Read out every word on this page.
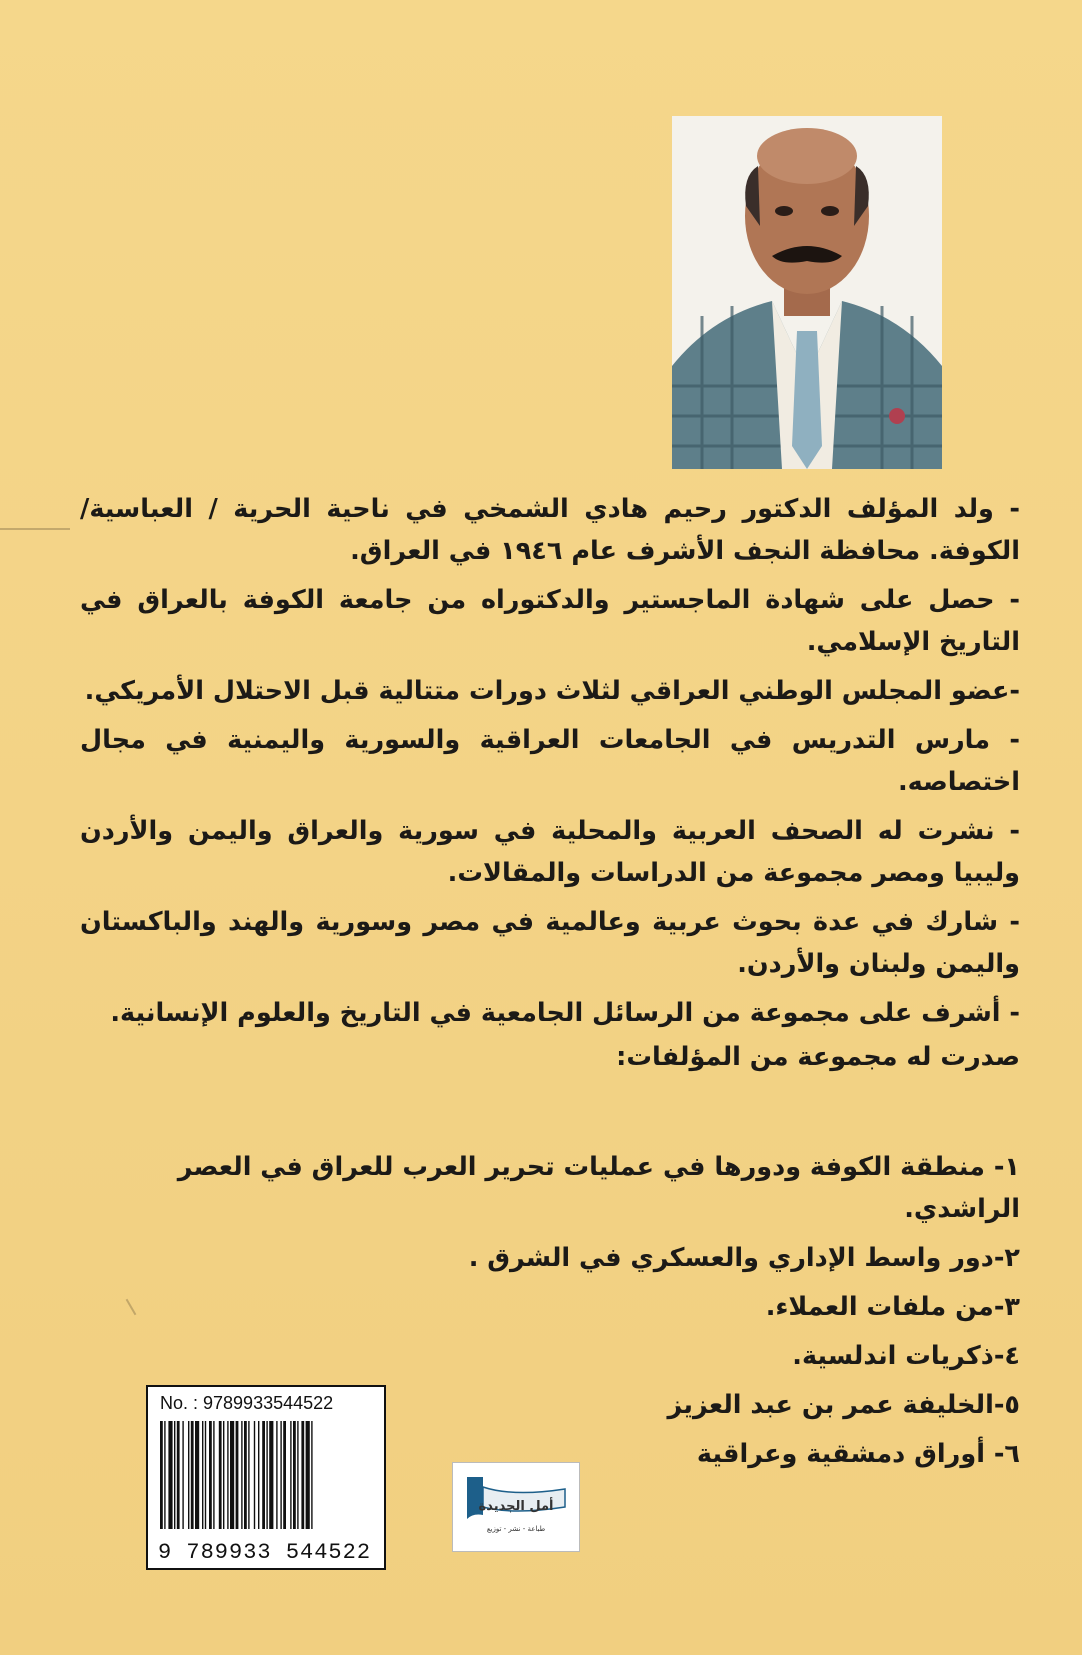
- ولد المؤلف الدكتور رحيم هادي الشمخي في ناحية الحرية / العباسية/ الكوفة. محافظة النجف الأشرف عام ١٩٤٦ في العراق.

- حصل على شهادة الماجستير والدكتوراه من جامعة الكوفة بالعراق في التاريخ الإسلامي.

-عضو المجلس الوطني العراقي لثلاث دورات متتالية قبل الاحتلال الأمريكي.

- مارس التدريس في الجامعات العراقية والسورية واليمنية في مجال اختصاصه.

- نشرت له الصحف العربية والمحلية في سورية والعراق واليمن والأردن وليبيا ومصر مجموعة من الدراسات والمقالات.

- شارك في عدة بحوث عربية وعالمية في مصر وسورية والهند والباكستان واليمن ولبنان والأردن.

- أشرف على مجموعة من الرسائل الجامعية في التاريخ والعلوم الإنسانية.

صدرت له مجموعة من المؤلفات:

١- منطقة الكوفة ودورها في عمليات تحرير العرب للعراق في العصر الراشدي.

٢-دور واسط الإداري والعسكري في الشرق .

٣-من ملفات العملاء.

٤-ذكريات اندلسية.

٥-الخليفة عمر بن عبد العزيز

٦- أوراق دمشقية وعراقية

No. : 9789933544522
9 789933 544522
أمل الجديدة
طباعة - نشر - توزيع
